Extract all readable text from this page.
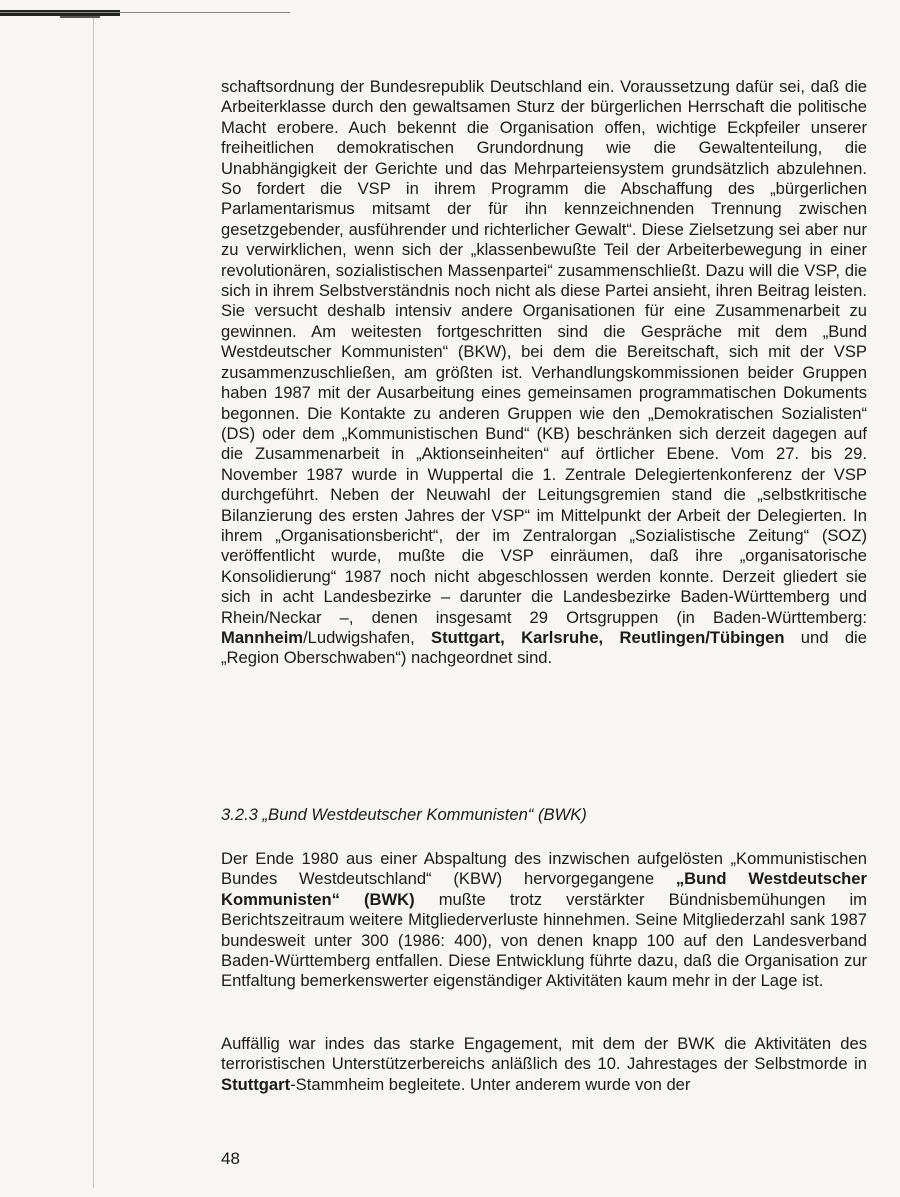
schaftsordnung der Bundesrepublik Deutschland ein. Voraussetzung dafür sei, daß die Arbeiterklasse durch den gewaltsamen Sturz der bürgerlichen Herrschaft die politische Macht erobere. Auch bekennt die Organisation offen, wichtige Eckpfeiler unserer freiheitlichen demokratischen Grundordnung wie die Gewaltenteilung, die Unabhängigkeit der Gerichte und das Mehrparteiensystem grundsätzlich abzulehnen. So fordert die VSP in ihrem Programm die Abschaffung des „bürgerlichen Parlamentarismus mitsamt der für ihn kennzeichnenden Trennung zwischen gesetzgebender, ausführender und richterlicher Gewalt“. Diese Zielsetzung sei aber nur zu verwirklichen, wenn sich der „klassenbewußte Teil der Arbeiterbewegung in einer revolutionären, sozialistischen Massenpartei“ zusammenschließt. Dazu will die VSP, die sich in ihrem Selbstverständnis noch nicht als diese Partei ansieht, ihren Beitrag leisten. Sie versucht deshalb intensiv andere Organisationen für eine Zusammenarbeit zu gewinnen. Am weitesten fortgeschritten sind die Gespräche mit dem „Bund Westdeutscher Kommunisten“ (BKW), bei dem die Bereitschaft, sich mit der VSP zusammenzuschließen, am größten ist. Verhandlungskommissionen beider Gruppen haben 1987 mit der Ausarbeitung eines gemeinsamen programmatischen Dokuments begonnen. Die Kontakte zu anderen Gruppen wie den „Demokratischen Sozialisten“ (DS) oder dem „Kommunistischen Bund“ (KB) beschränken sich derzeit dagegen auf die Zusammenarbeit in „Aktionseinheiten“ auf örtlicher Ebene. Vom 27. bis 29. November 1987 wurde in Wuppertal die 1. Zentrale Delegiertenkonferenz der VSP durchgeführt. Neben der Neuwahl der Leitungsgremien stand die „selbstkritische Bilanzierung des ersten Jahres der VSP“ im Mittelpunkt der Arbeit der Delegierten. In ihrem „Organisationsbericht“, der im Zentralorgan „Sozialistische Zeitung“ (SOZ) veröffentlicht wurde, mußte die VSP einräumen, daß ihre „organisatorische Konsolidierung“ 1987 noch nicht abgeschlossen werden konnte. Derzeit gliedert sie sich in acht Landesbezirke – darunter die Landesbezirke Baden-Württemberg und Rhein/Neckar –, denen insgesamt 29 Ortsgruppen (in Baden-Württemberg: Mannheim/Ludwigshafen, Stuttgart, Karlsruhe, Reutlingen/Tübingen und die „Region Oberschwaben“) nachgeordnet sind.

3.2.3 „Bund Westdeutscher Kommunisten“ (BWK)

Der Ende 1980 aus einer Abspaltung des inzwischen aufgelösten „Kommunistischen Bundes Westdeutschland“ (KBW) hervorgegangene „Bund Westdeutscher Kommunisten“ (BWK) mußte trotz verstärkter Bündnisbemühungen im Berichtszeitraum weitere Mitgliederverluste hinnehmen. Seine Mitgliederzahl sank 1987 bundesweit unter 300 (1986: 400), von denen knapp 100 auf den Landesverband Baden-Württemberg entfallen. Diese Entwicklung führte dazu, daß die Organisation zur Entfaltung bemerkenswerter eigenständiger Aktivitäten kaum mehr in der Lage ist.

Auffällig war indes das starke Engagement, mit dem der BWK die Aktivitäten des terroristischen Unterstützerbereichs anläßlich des 10. Jahrestages der Selbstmorde in Stuttgart-Stammheim begleitete. Unter anderem wurde von der

48
